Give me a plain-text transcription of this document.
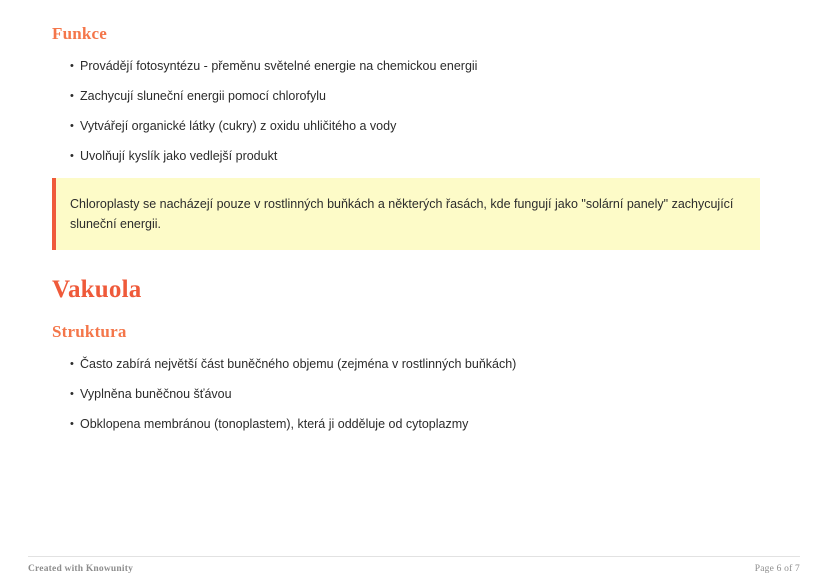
Funkce
• Provádějí fotosyntézu - přeměnu světelné energie na chemickou energii
• Zachycují sluneční energii pomocí chlorofylu
• Vytvářejí organické látky (cukry) z oxidu uhličitého a vody
• Uvolňují kyslík jako vedlejší produkt
Chloroplasty se nacházejí pouze v rostlinných buňkách a některých řasách, kde fungují jako "solární panely" zachycující sluneční energii.
Vakuola
Struktura
• Často zabírá největší část buněčného objemu (zejména v rostlinných buňkách)
• Vyplněna buněčnou šťávou
• Obklopena membránou (tonoplastem), která ji odděluje od cytoplazmy
Created with Knowunity	Page 6 of 7
